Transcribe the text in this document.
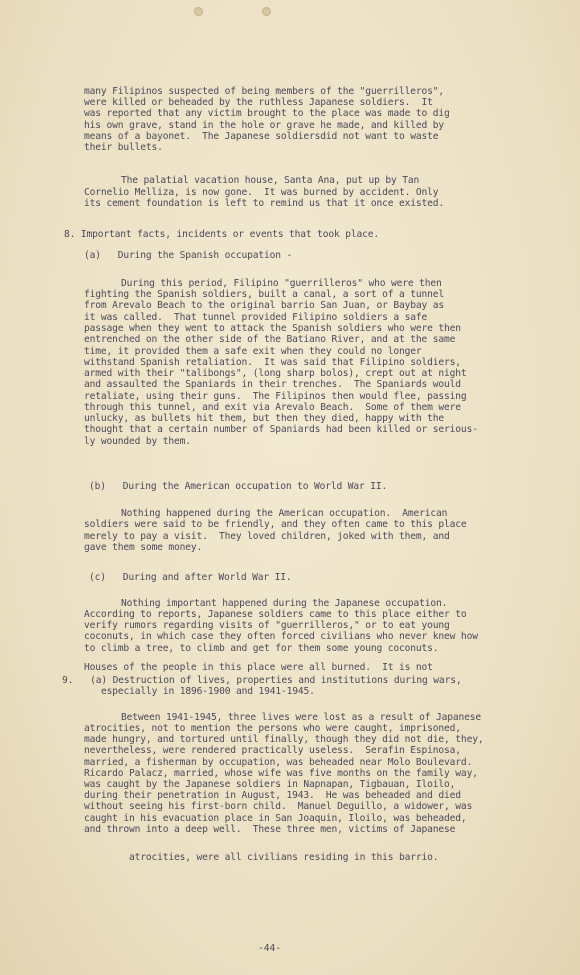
many Filipinos suspected of being members of the "guerrilleros",
were killed or beheaded by the ruthless Japanese soldiers.  It
was reported that any victim brought to the place was made to dig
his own grave, stand in the hole or grave he made, and killed by
means of a bayonet.  The Japanese soldiersdid not want to waste
their bullets.
The palatial vacation house, Santa Ana, put up by Tan
Cornelio Melliza, is now gone.  It was burned by accident. Only
its cement foundation is left to remind us that it once existed.
8. Important facts, incidents or events that took place.
(a)   During the Spanish occupation -
During this period, Filipino "guerrilleros" who were then
fighting the Spanish soldiers, built a canal, a sort of a tunnel
from Arevalo Beach to the original barrio San Juan, or Baybay as
it was called.  That tunnel provided Filipino soldiers a safe
passage when they went to attack the Spanish soldiers who were then
entrenched on the other side of the Batiano River, and at the same
time, it provided them a safe exit when they could no longer
withstand Spanish retaliation.  It was said that Filipino soldiers,
armed with their "talibongs", (long sharp bolos), crept out at night
and assaulted the Spaniards in their trenches.  The Spaniards would
retaliate, using their guns.  The Filipinos then would flee, passing
through this tunnel, and exit via Arevalo Beach.  Some of them were
unlucky, as bullets hit them, but then they died, happy with the
thought that a certain number of Spaniards had been killed or serious-
ly wounded by them.
(b)   During the American occupation to World War II.
Nothing happened during the American occupation.  American
soldiers were said to be friendly, and they often came to this place
merely to pay a visit.  They loved children, joked with them, and
gave them some money.
(c)   During and after World War II.
Nothing important happened during the Japanese occupation.
According to reports, Japanese soldiers came to this place either to
verify rumors regarding visits of "guerrilleros," or to eat young
coconuts, in which case they often forced civilians who never knew how
to climb a tree, to climb and get for them some young coconuts.
9.   (a) Destruction of lives, properties and institutions during wars,
especially in 1896-1900 and 1941-1945.
Between 1941-1945, three lives were lost as a result of Japanese
atrocities, not to mention the persons who were caught, imprisoned,
made hungry, and tortured until finally, though they did not die, they,
nevertheless, were rendered practically useless.  Serafin Espinosa,
married, a fisherman by occupation, was beheaded near Molo Boulevard.
Ricardo Palacz, married, whose wife was five months on the family way,
was caught by the Japanese soldiers in Napnapan, Tigbauan, Iloilo,
during their penetration in August, 1943.  He was beheaded and died
without seeing his first-born child.  Manuel Deguillo, a widower, was
caught in his evacuation place in San Joaquin, Iloilo, was beheaded,
and thrown into a deep well.  These three men, victims of Japanese
atrocities, were all civilians residing in this barrio.
Houses of the people in this place were all burned.  It is not
-44-
